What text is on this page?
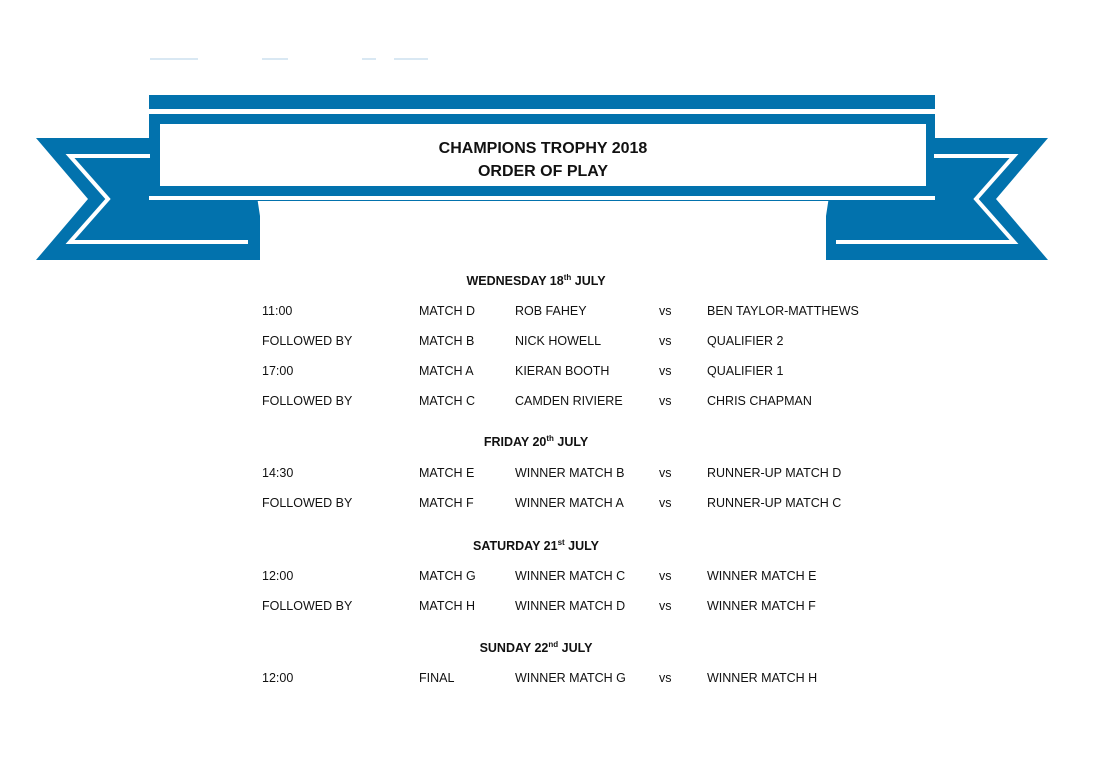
CHAMPIONS TROPHY 2018
ORDER OF PLAY
WEDNESDAY 18th JULY
11:00	MATCH D	ROB FAHEY	vs	BEN TAYLOR-MATTHEWS
FOLLOWED BY	MATCH B	NICK HOWELL	vs	QUALIFIER 2
17:00	MATCH A	KIERAN BOOTH	vs	QUALIFIER 1
FOLLOWED BY	MATCH C	CAMDEN RIVIERE	vs	CHRIS CHAPMAN
FRIDAY 20th JULY
14:30	MATCH E	WINNER MATCH B	vs	RUNNER-UP MATCH D
FOLLOWED BY	MATCH F	WINNER MATCH A	vs	RUNNER-UP MATCH C
SATURDAY 21st JULY
12:00	MATCH G	WINNER MATCH C	vs	WINNER MATCH E
FOLLOWED BY	MATCH H	WINNER MATCH D	vs	WINNER MATCH F
SUNDAY 22nd JULY
12:00	FINAL	WINNER MATCH G	vs	WINNER MATCH H
